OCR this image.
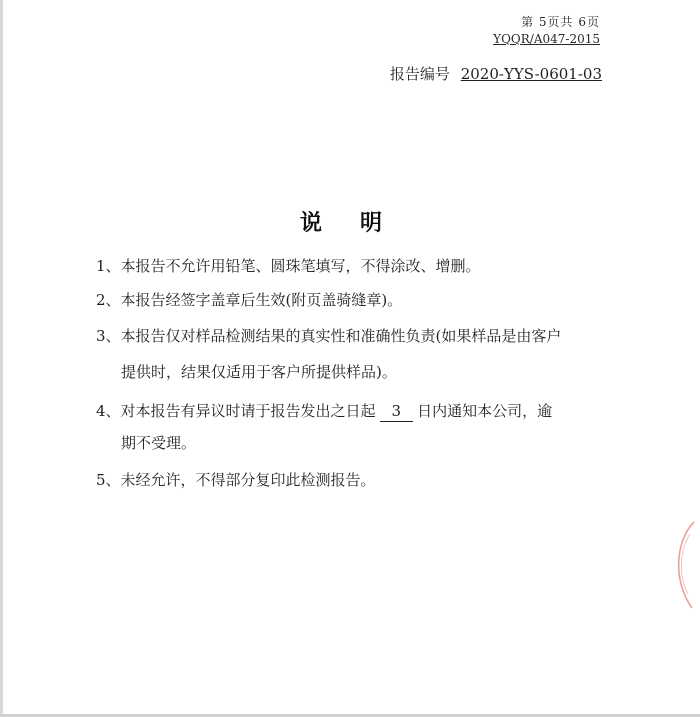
第 5页共 6页
YQQR/A047-2015
报告编号 2020-YYS-0601-03
说明
1、本报告不允许用铅笔、圆珠笔填写，不得涂改、增删。
2、本报告经签字盖章后生效(附页盖骑缝章)。
3、本报告仅对样品检测结果的真实性和准确性负责(如果样品是由客户
提供时，结果仅适用于客户所提供样品)。
4、对本报告有异议时请于报告发出之日起 3 日内通知本公司，逾
期不受理。
5、未经允许，不得部分复印此检测报告。
